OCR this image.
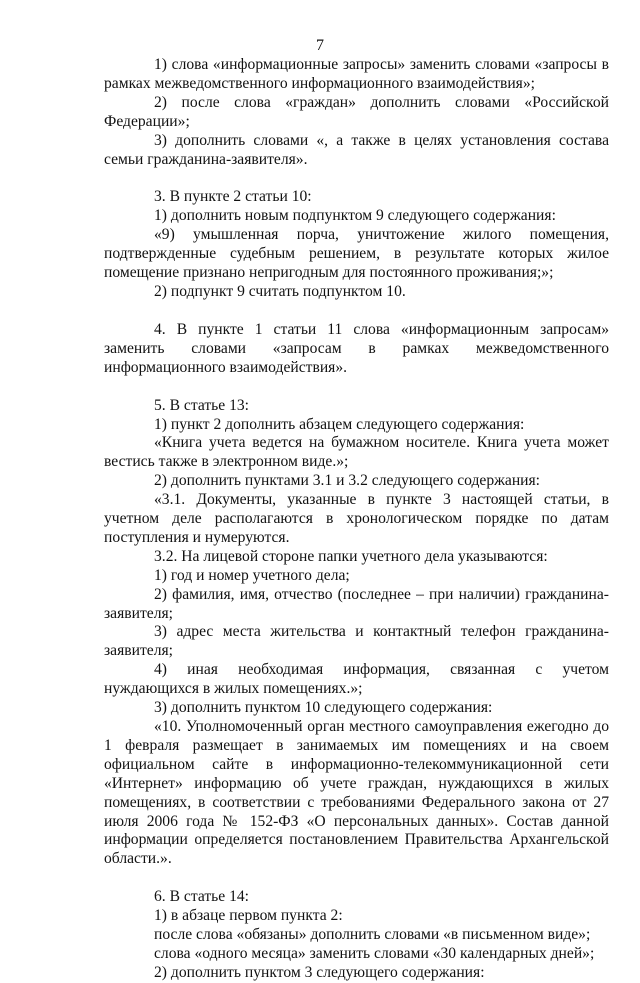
7

1) слова «информационные запросы» заменить словами «запросы в рамках межведомственного информационного взаимодействия»;

2) после слова «граждан» дополнить словами «Российской Федерации»;

3) дополнить словами «, а также в целях установления состава семьи гражданина-заявителя».

3. В пункте 2 статьи 10:

1) дополнить новым подпунктом 9 следующего содержания:

«9) умышленная порча, уничтожение жилого помещения, подтвержденные судебным решением, в результате которых жилое помещение признано непригодным для постоянного проживания;»;

2) подпункт 9 считать подпунктом 10.

4. В пункте 1 статьи 11 слова «информационным запросам» заменить словами «запросам в рамках межведомственного информационного взаимодействия».

5. В статье 13:

1) пункт 2 дополнить абзацем следующего содержания:

«Книга учета ведется на бумажном носителе. Книга учета может вестись также в электронном виде.»;

2) дополнить пунктами 3.1 и 3.2 следующего содержания:

«3.1. Документы, указанные в пункте 3 настоящей статьи, в учетном деле располагаются в хронологическом порядке по датам поступления и нумеруются.

3.2. На лицевой стороне папки учетного дела указываются:

1) год и номер учетного дела;

2) фамилия, имя, отчество (последнее – при наличии) гражданина-заявителя;

3) адрес места жительства и контактный телефон гражданина-заявителя;

4) иная необходимая информация, связанная с учетом нуждающихся в жилых помещениях.»;

3) дополнить пунктом 10 следующего содержания:

«10. Уполномоченный орган местного самоуправления ежегодно до 1 февраля размещает в занимаемых им помещениях и на своем официальном сайте в информационно-телекоммуникационной сети «Интернет» информацию об учете граждан, нуждающихся в жилых помещениях, в соответствии с требованиями Федерального закона от 27 июля 2006 года № 152-ФЗ «О персональных данных». Состав данной информации определяется постановлением Правительства Архангельской области.».

6. В статье 14:

1) в абзаце первом пункта 2:

после слова «обязаны» дополнить словами «в письменном виде»;

слова «одного месяца» заменить словами «30 календарных дней»;

2) дополнить пунктом 3 следующего содержания:
